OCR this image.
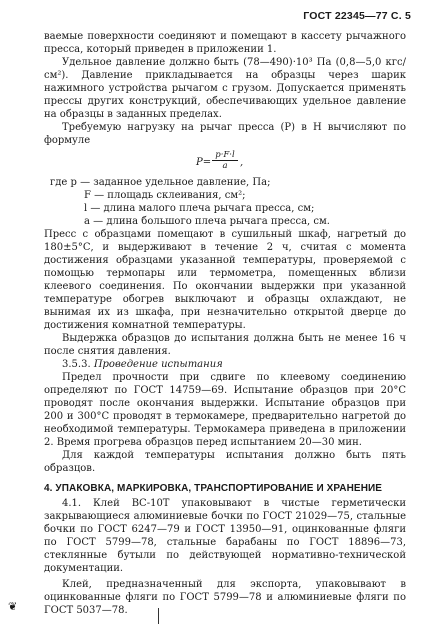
ГОСТ 22345—77 С. 5

ваемые поверхности соединяют и помещают в кассету рычажного пресса, который приведен в приложении 1.

Удельное давление должно быть (78—490)·10³ Па (0,8—5,0 кгс/см²). Давление прикладывается на образцы через шарик нажимного устройства рычагом с грузом. Допускается применять прессы других конструкций, обеспечивающих удельное давление на образцы в заданных пределах.

Требуемую нагрузку на рычаг пресса (P) в Н вычисляют по формуле

$P= \frac{p\cdot F\cdot l}{a}$ ,

где p — заданное удельное давление, Па;

F — площадь склеивания, см²;

l — длина малого плеча рычага пресса, см;

a — длина большого плеча рычага пресса, см.

Пресс с образцами помещают в сушильный шкаф, нагретый до 180±5°С, и выдерживают в течение 2 ч, считая с момента достижения образцами указанной температуры, проверяемой с помощью термопары или термометра, помещенных вблизи клеевого соединения. По окончании выдержки при указанной температуре обогрев выключают и образцы охлаждают, не вынимая их из шкафа, при незначительно открытой дверце до достижения комнатной температуры.

Выдержка образцов до испытания должна быть не менее 16 ч после снятия давления.

3.5.3. Проведение испытания

Предел прочности при сдвиге по клеевому соединению определяют по ГОСТ 14759—69. Испытание образцов при 20°С проводят после окончания выдержки. Испытание образцов при 200 и 300°С проводят в термокамере, предварительно нагретой до необходимой температуры. Термокамера приведена в приложении 2. Время прогрева образцов перед испытанием 20—30 мин.

Для каждой температуры испытания должно быть пять образцов.

4. УПАКОВКА, МАРКИРОВКА, ТРАНСПОРТИРОВАНИЕ И ХРАНЕНИЕ

4.1. Клей ВС-10Т упаковывают в чистые герметически закрывающиеся алюминиевые бочки по ГОСТ 21029—75, стальные бочки по ГОСТ 6247—79 и ГОСТ 13950—91, оцинкованные фляги по ГОСТ 5799—78, стальные барабаны по ГОСТ 18896—73, стеклянные бутыли по действующей нормативно-технической документации.

Клей, предназначенный для экспорта, упаковывают в оцинкованные фляги по ГОСТ 5799—78 и алюминиевые фляги по ГОСТ 5037—78.

❦
